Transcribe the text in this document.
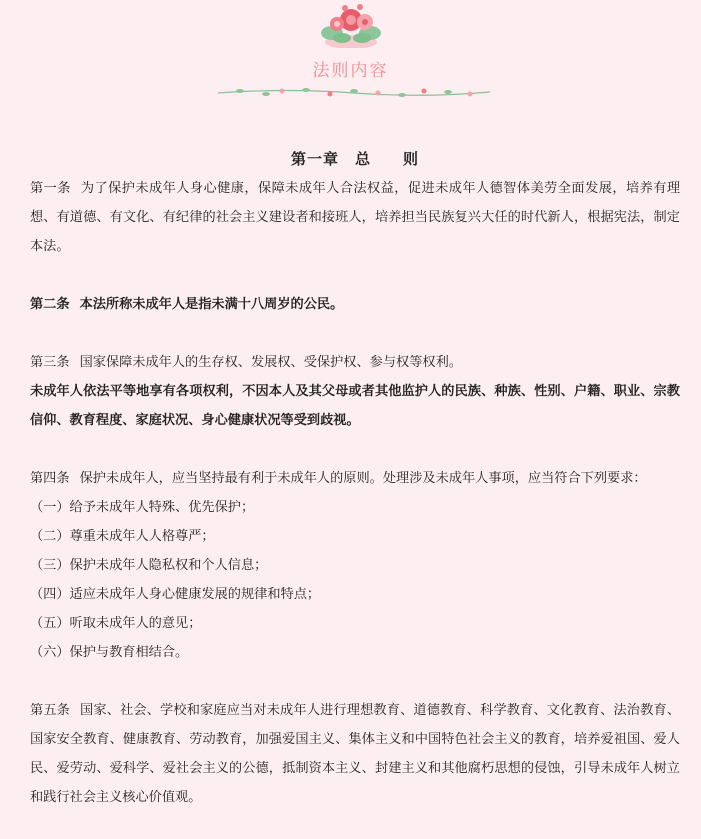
法则内容
第一章　总　　则

第一条 为了保护未成年人身心健康，保障未成年人合法权益，促进未成年人德智体美劳全面发展，培养有理想、有道德、有文化、有纪律的社会主义建设者和接班人，培养担当民族复兴大任的时代新人，根据宪法，制定本法。

第二条 本法所称未成年人是指未满十八周岁的公民。

第三条 国家保障未成年人的生存权、发展权、受保护权、参与权等权利。

未成年人依法平等地享有各项权利，不因本人及其父母或者其他监护人的民族、种族、性别、户籍、职业、宗教信仰、教育程度、家庭状况、身心健康状况等受到歧视。

第四条 保护未成年人，应当坚持最有利于未成年人的原则。处理涉及未成年人事项，应当符合下列要求：

（一）给予未成年人特殊、优先保护；

（二）尊重未成年人人格尊严；

（三）保护未成年人隐私权和个人信息；

（四）适应未成年人身心健康发展的规律和特点；

（五）听取未成年人的意见；

（六）保护与教育相结合。

第五条 国家、社会、学校和家庭应当对未成年人进行理想教育、道德教育、科学教育、文化教育、法治教育、国家安全教育、健康教育、劳动教育，加强爱国主义、集体主义和中国特色社会主义的教育，培养爱祖国、爱人民、爱劳动、爱科学、爱社会主义的公德，抵制资本主义、封建主义和其他腐朽思想的侵蚀，引导未成年人树立和践行社会主义核心价值观。
